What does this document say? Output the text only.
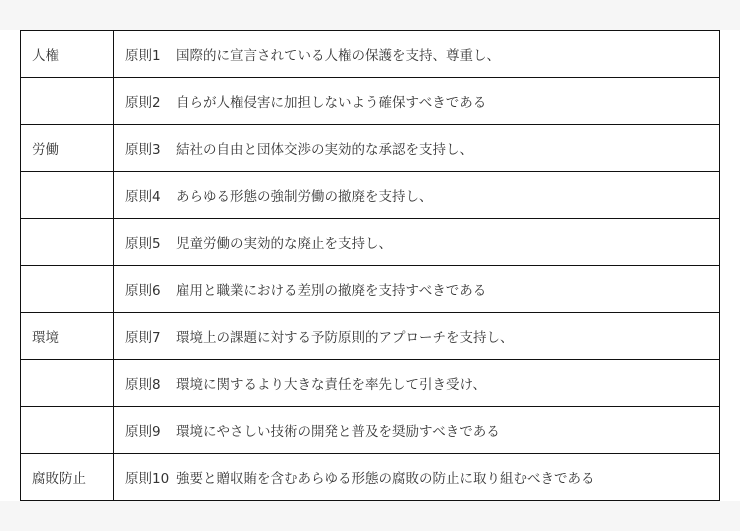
人権	原則1 国際的に宣言されている人権の保護を支持、尊重し、
	原則2 自らが人権侵害に加担しないよう確保すべきである
労働	原則3 結社の自由と団体交渉の実効的な承認を支持し、
	原則4 あらゆる形態の強制労働の撤廃を支持し、
	原則5 児童労働の実効的な廃止を支持し、
	原則6 雇用と職業における差別の撤廃を支持すべきである
環境	原則7 環境上の課題に対する予防原則的アプローチを支持し、
	原則8 環境に関するより大きな責任を率先して引き受け、
	原則9 環境にやさしい技術の開発と普及を奨励すべきである
腐敗防止	原則10 強要と贈収賄を含むあらゆる形態の腐敗の防止に取り組むべきである
